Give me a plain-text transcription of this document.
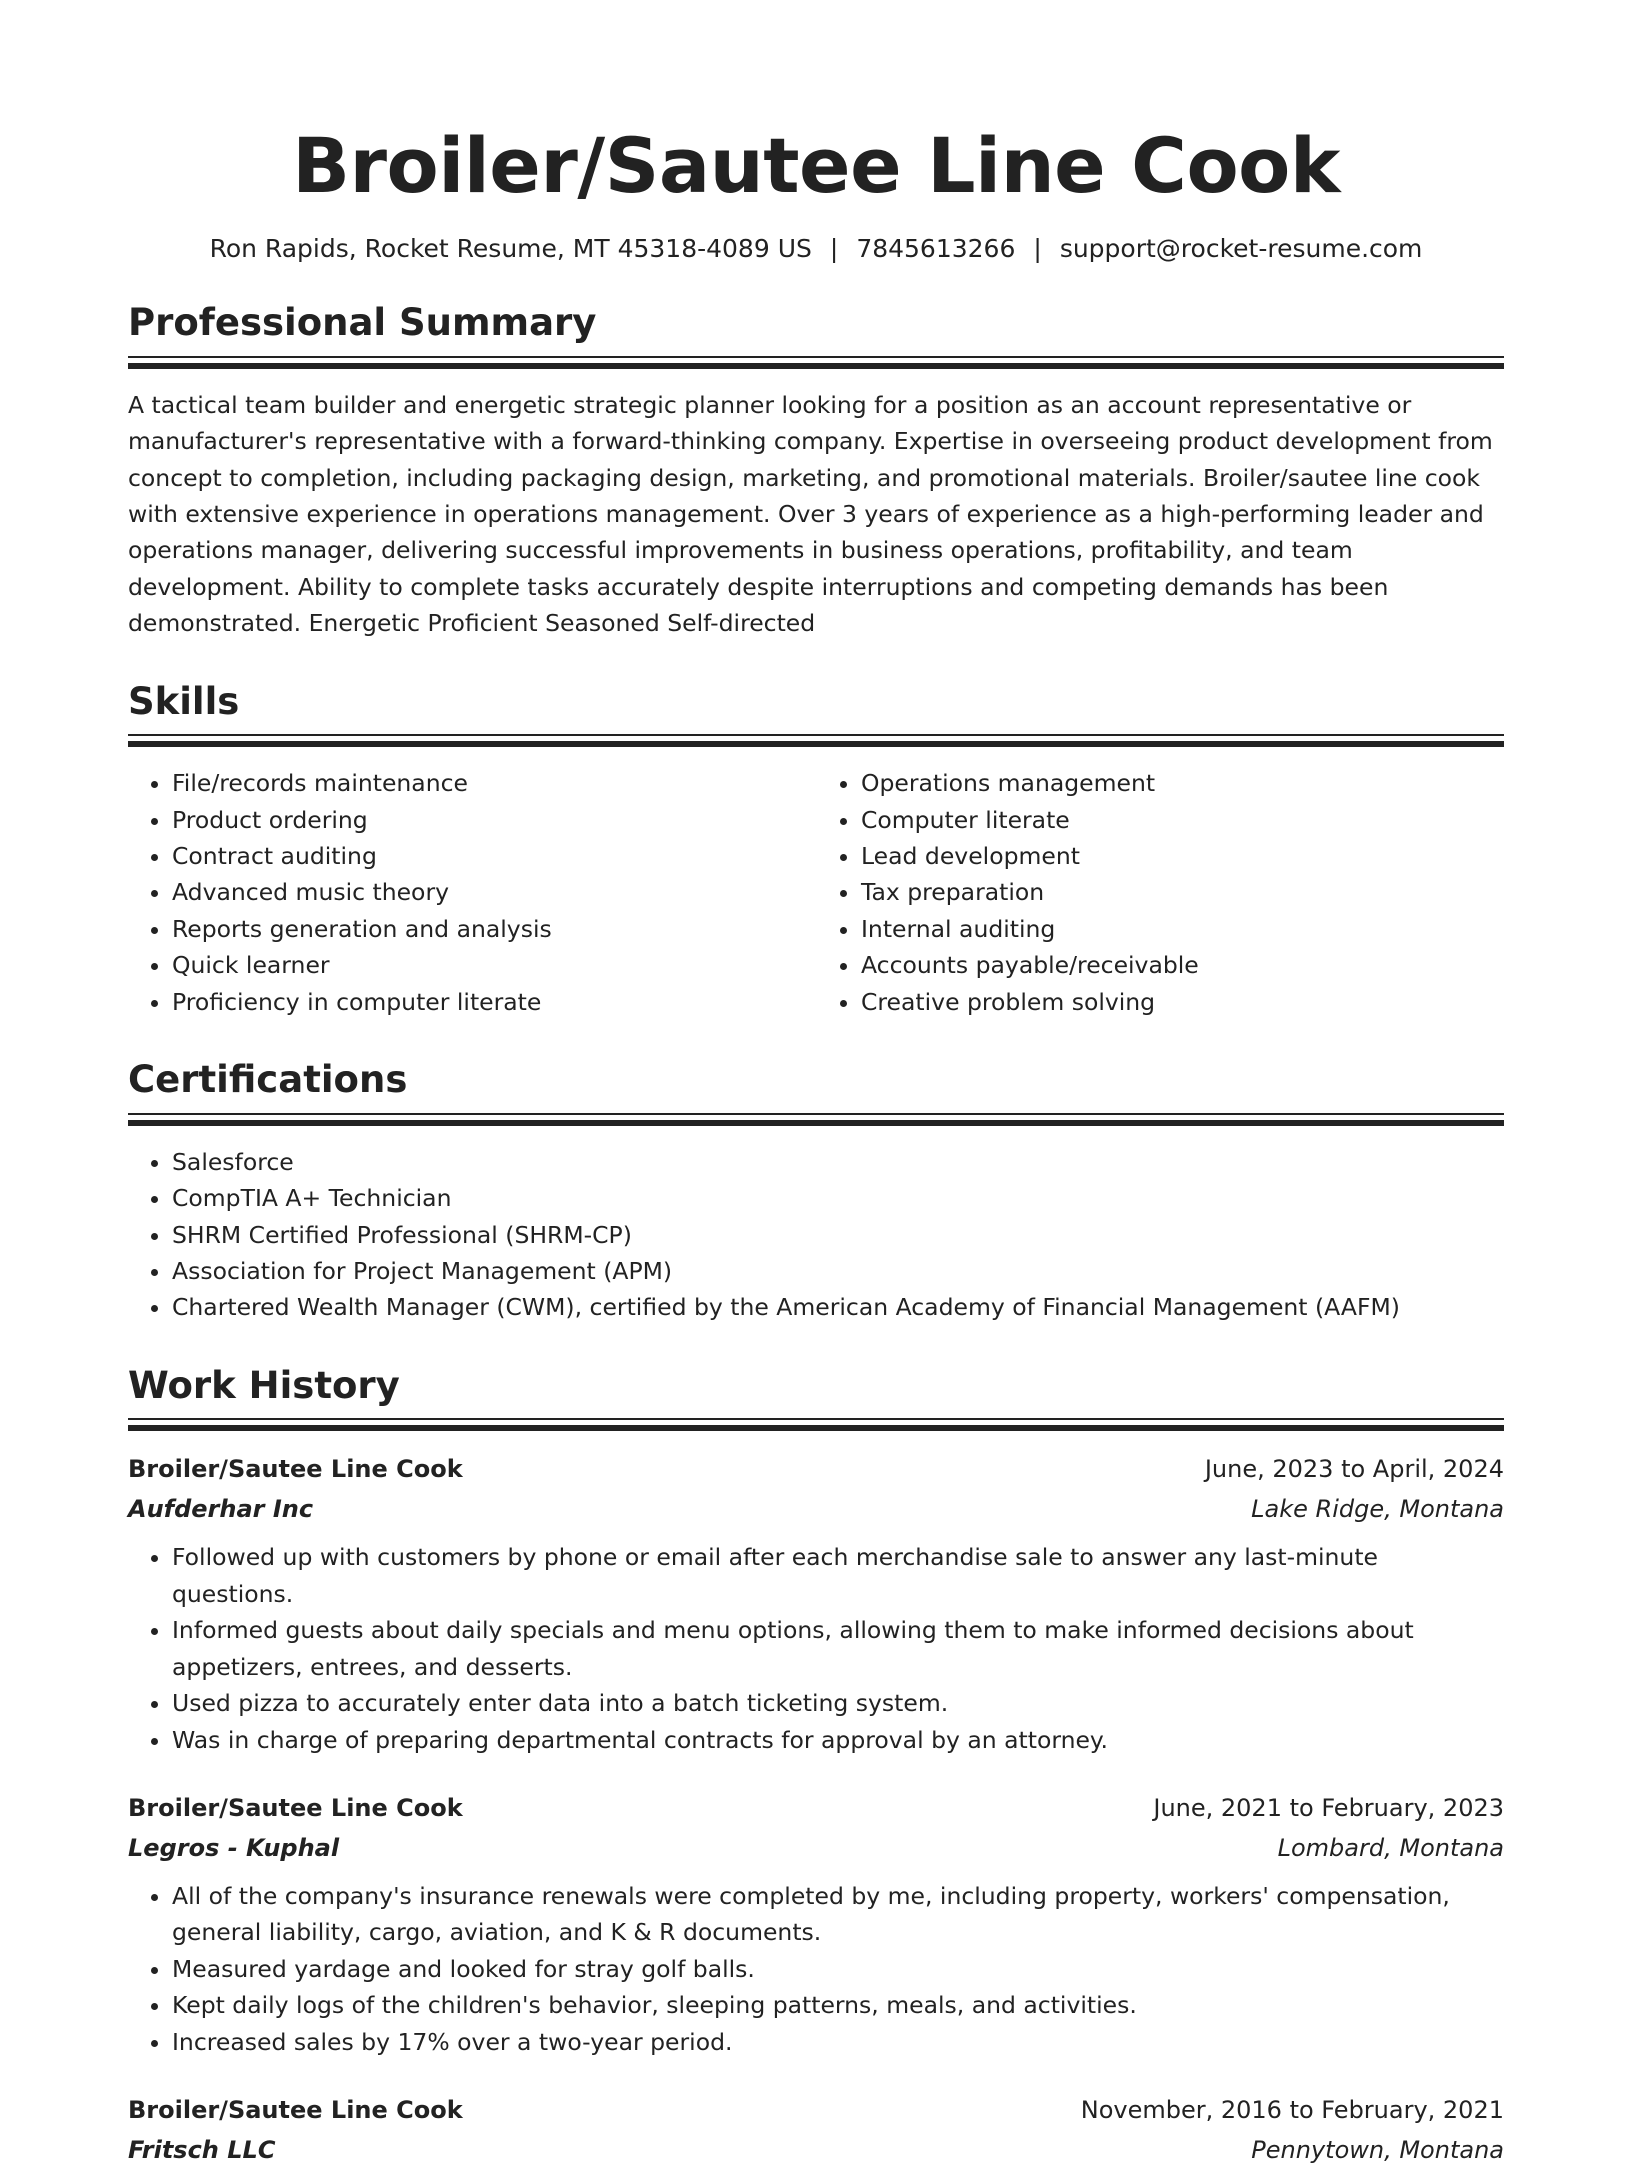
Broiler/Sautee Line Cook
Ron Rapids, Rocket Resume, MT 45318-4089 US | 7845613266 | support@rocket-resume.com
Professional Summary

A tactical team builder and energetic strategic planner looking for a position as an account representative or manufacturer's representative with a forward-thinking company. Expertise in overseeing product development from concept to completion, including packaging design, marketing, and promotional materials. Broiler/sautee line cook with extensive experience in operations management. Over 3 years of experience as a high-performing leader and operations manager, delivering successful improvements in business operations, profitability, and team development. Ability to complete tasks accurately despite interruptions and competing demands has been demonstrated. Energetic Proficient Seasoned Self-directed

Skills
• File/records maintenance
• Product ordering
• Contract auditing
• Advanced music theory
• Reports generation and analysis
• Quick learner
• Proficiency in computer literate
• Operations management
• Computer literate
• Lead development
• Tax preparation
• Internal auditing
• Accounts payable/receivable
• Creative problem solving
Certifications
• Salesforce
• CompTIA A+ Technician
• SHRM Certified Professional (SHRM-CP)
• Association for Project Management (APM)
• Chartered Wealth Manager (CWM), certified by the American Academy of Financial Management (AAFM)
Work History
Broiler/Sautee Line Cook	June, 2023 to April, 2024
Aufderhar Inc	Lake Ridge, Montana
• Followed up with customers by phone or email after each merchandise sale to answer any last-minute questions.
• Informed guests about daily specials and menu options, allowing them to make informed decisions about appetizers, entrees, and desserts.
• Used pizza to accurately enter data into a batch ticketing system.
• Was in charge of preparing departmental contracts for approval by an attorney.
Broiler/Sautee Line Cook	June, 2021 to February, 2023
Legros - Kuphal	Lombard, Montana
• All of the company's insurance renewals were completed by me, including property, workers' compensation, general liability, cargo, aviation, and K & R documents.
• Measured yardage and looked for stray golf balls.
• Kept daily logs of the children's behavior, sleeping patterns, meals, and activities.
• Increased sales by 17% over a two-year period.
Broiler/Sautee Line Cook	November, 2016 to February, 2021
Fritsch LLC	Pennytown, Montana
